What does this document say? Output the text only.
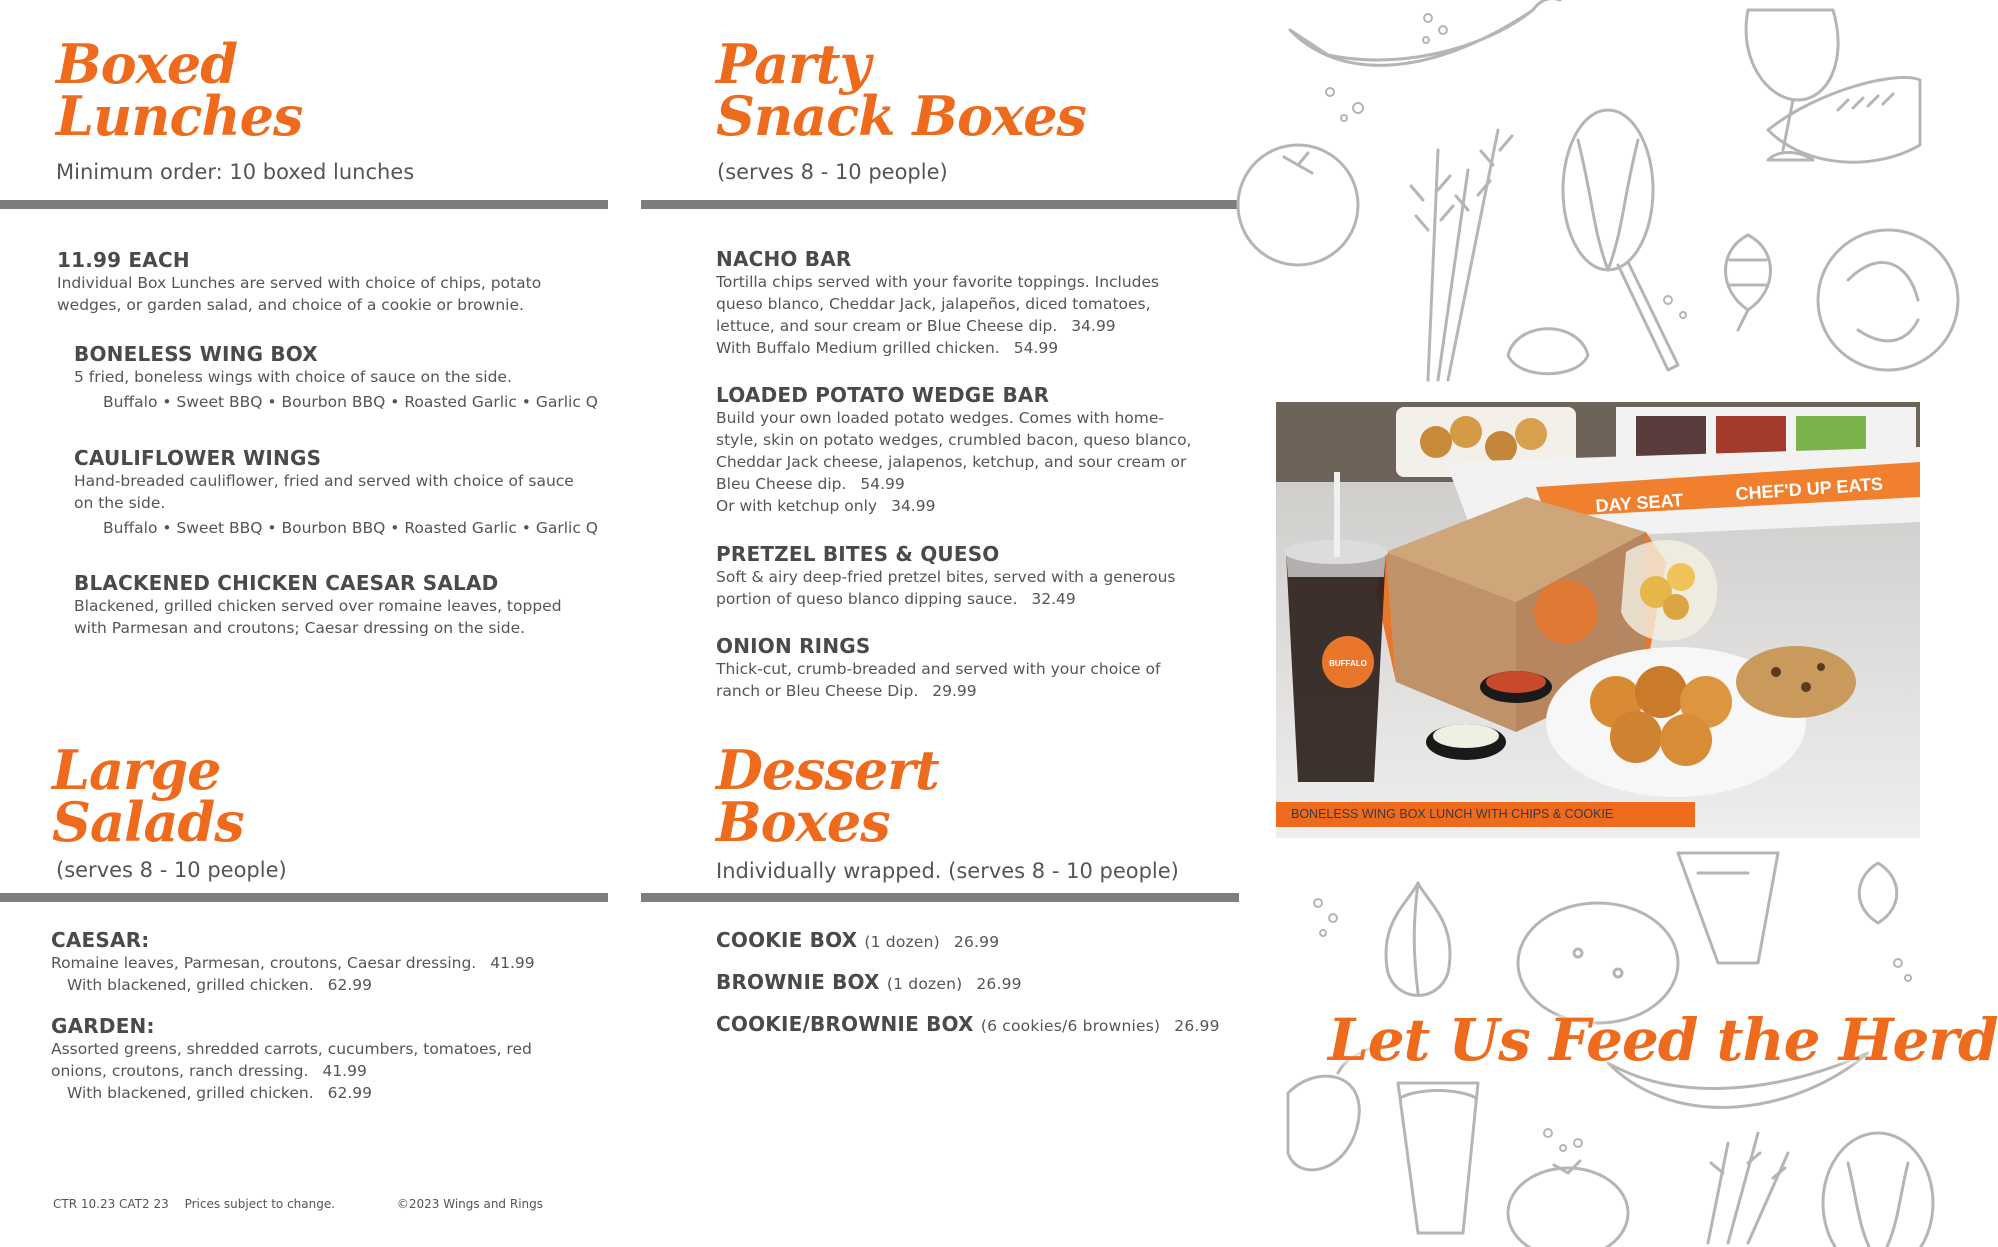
Boxed
Lunches
Minimum order: 10 boxed lunches
11.99 EACH
Individual Box Lunches are served with choice of chips, potato wedges, or garden salad, and choice of a cookie or brownie.
BONELESS WING BOX
5 fried, boneless wings with choice of sauce on the side.
Buffalo • Sweet BBQ • Bourbon BBQ • Roasted Garlic • Garlic Q
CAULIFLOWER WINGS
Hand-breaded cauliflower, fried and served with choice of sauce on the side.
Buffalo • Sweet BBQ • Bourbon BBQ • Roasted Garlic • Garlic Q
BLACKENED CHICKEN CAESAR SALAD
Blackened, grilled chicken served over romaine leaves, topped with Parmesan and croutons; Caesar dressing on the side.
Party
Snack Boxes
(serves 8 - 10 people)
NACHO BAR
Tortilla chips served with your favorite toppings. Includes queso blanco, Cheddar Jack, jalapeños, diced tomatoes, lettuce, and sour cream or Blue Cheese dip. 34.99
With Buffalo Medium grilled chicken. 54.99
LOADED POTATO WEDGE BAR
Build your own loaded potato wedges. Comes with home-style, skin on potato wedges, crumbled bacon, queso blanco, Cheddar Jack cheese, jalapenos, ketchup, and sour cream or Bleu Cheese dip. 54.99
Or with ketchup only 34.99
PRETZEL BITES & QUESO
Soft & airy deep-fried pretzel bites, served with a generous portion of queso blanco dipping sauce. 32.49
ONION RINGS
Thick-cut, crumb-breaded and served with your choice of ranch or Bleu Cheese Dip. 29.99
Large
Salads
(serves 8 - 10 people)
CAESAR:
Romaine leaves, Parmesan, croutons, Caesar dressing. 41.99
With blackened, grilled chicken. 62.99
GARDEN:
Assorted greens, shredded carrots, cucumbers, tomatoes, red onions, croutons, ranch dressing. 41.99
With blackened, grilled chicken. 62.99
Dessert
Boxes
Individually wrapped. (serves 8 - 10 people)
COOKIE BOX (1 dozen) 26.99
BROWNIE BOX (1 dozen) 26.99
COOKIE/BROWNIE BOX (6 cookies/6 brownies) 26.99
CTR 10.23 CAT2 23 Prices subject to change.	©2023 Wings and Rings
DAY SEAT	CHEF'D UP EATS
BUFFALO
BONELESS WING BOX LUNCH WITH CHIPS & COOKIE
Let Us Feed the Herd
